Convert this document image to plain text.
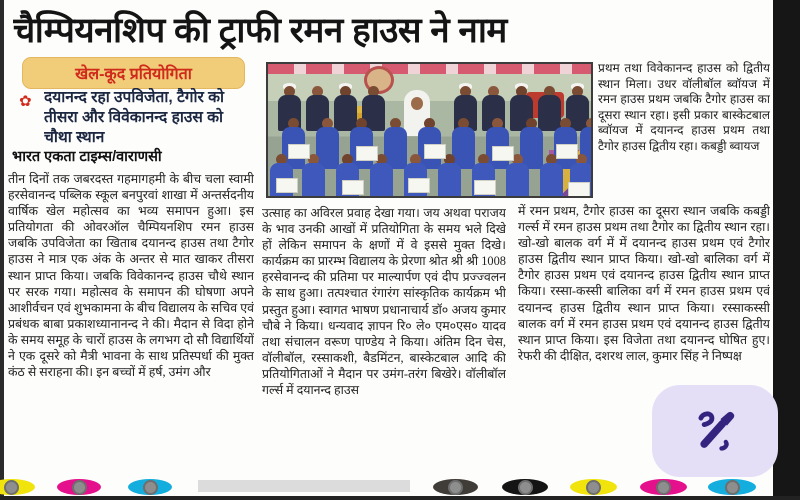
चैम्पियनशिप की ट्राफी रमन हाउस ने नाम
खेल-कूद प्रतियोगिता
✿ दयानन्द रहा उपविजेता, टैगोर को तीसरा और विवेकानन्द हाउस को चौथा स्थान
भारत एकता टाइम्स/वाराणसी
तीन दिनों तक जबरदस्त गहमागहमी के बीच चला स्वामी हरसेवानन्द पब्लिक स्कूल बनपुरवां शाखा में अन्तर्सदनीय वार्षिक खेल महोत्सव का भव्य समापन हुआ। इस प्रतियोगता की ओवरऑल चैम्पियनशिप रमन हाउस जबकि उपविजेता का खिताब दयानन्द हाउस तथा टैगोर हाउस ने मात्र एक अंक के अन्तर से मात खाकर तीसरा स्थान प्राप्त किया। जबकि विवेकानन्द हाउस चौथे स्थान पर सरक गया। महोत्सव के समापन की घोषणा अपने आशीर्वचन एवं शुभकामना के बीच विद्यालय के सचिव एवं प्रबंधक बाबा प्रकाशध्यानानन्द ने की। मैदान से विदा होने के समय समूह के चारों हाउस के लगभग दो सौ विद्यार्थियों ने एक दूसरे को मैत्री भावना के साथ प्रतिस्पर्धा की मुक्त कंठ से सराहना की। इन बच्चों में हर्ष, उमंग और
उत्साह का अविरल प्रवाह देखा गया। जय अथवा पराजय के भाव उनकी आखों में प्रतियोगिता के समय भले दिखे हों लेकिन समापन के क्षणों में वे इससे मुक्त दिखे। कार्यक्रम का प्रारम्भ विद्यालय के प्रेरणा श्रोत श्री श्री 1008 हरसेवानन्द की प्रतिमा पर माल्यार्पण एवं दीप प्रज्ज्वलन के साथ हुआ। तत्पश्चात रंगारंग सांस्कृतिक कार्यक्रम भी प्रस्तुत हुआ। स्वागत भाषण प्रधानाचार्य डॉ० अजय कुमार चौबे ने किया। धन्यवाद ज्ञापन रि० ले० एम०एस० यादव तथा संचालन वरूण पाण्डेय ने किया। अंतिम दिन चेस, वॉलीबॉल, रस्साकशी, बैडमिंटन, बास्केटबाल आदि की प्रतियोगिताओं ने मैदान पर उमंग-तरंग बिखेरे। वॉलीबॉल गर्ल्स में दयानन्द हाउस
प्रथम तथा विवेकानन्द हाउस को द्वितीय स्थान मिला। उधर वॉलीबॉल ब्वॉयज में रमन हाउस प्रथम जबकि टैगोर हाउस का दूसरा स्थान रहा। इसी प्रकार बास्केटबाल ब्वॉयज में दयानन्द हाउस प्रथम तथा टैगोर हाउस द्वितीय रहा। कबड्डी ब्वायज
में रमन प्रथम, टैगोर हाउस का दूसरा स्थान जबकि कबड्डी गर्ल्स में रमन हाउस प्रथम तथा टैगोर का द्वितीय स्थान रहा। खो-खो बालक वर्ग में में दयानन्द हाउस प्रथम एवं टैगोर हाउस द्वितीय स्थान प्राप्त किया। खो-खो बालिका वर्ग में टैगोर हाउस प्रथम एवं दयानन्द हाउस द्वितीय स्थान प्राप्त किया। रस्सा-कस्सी बालिका वर्ग में रमन हाउस प्रथम एवं दयानन्द हाउस द्वितीय स्थान प्राप्त किया। रस्साकस्सी बालक वर्ग में रमन हाउस प्रथम एवं दयानन्द हाउस द्वितीय स्थान प्राप्त किया। इस विजेता तथा दयानन्द घोषित हुए। रेफरी की दीक्षित, दशरथ लाल, कुमार सिंह ने निष्पक्ष
